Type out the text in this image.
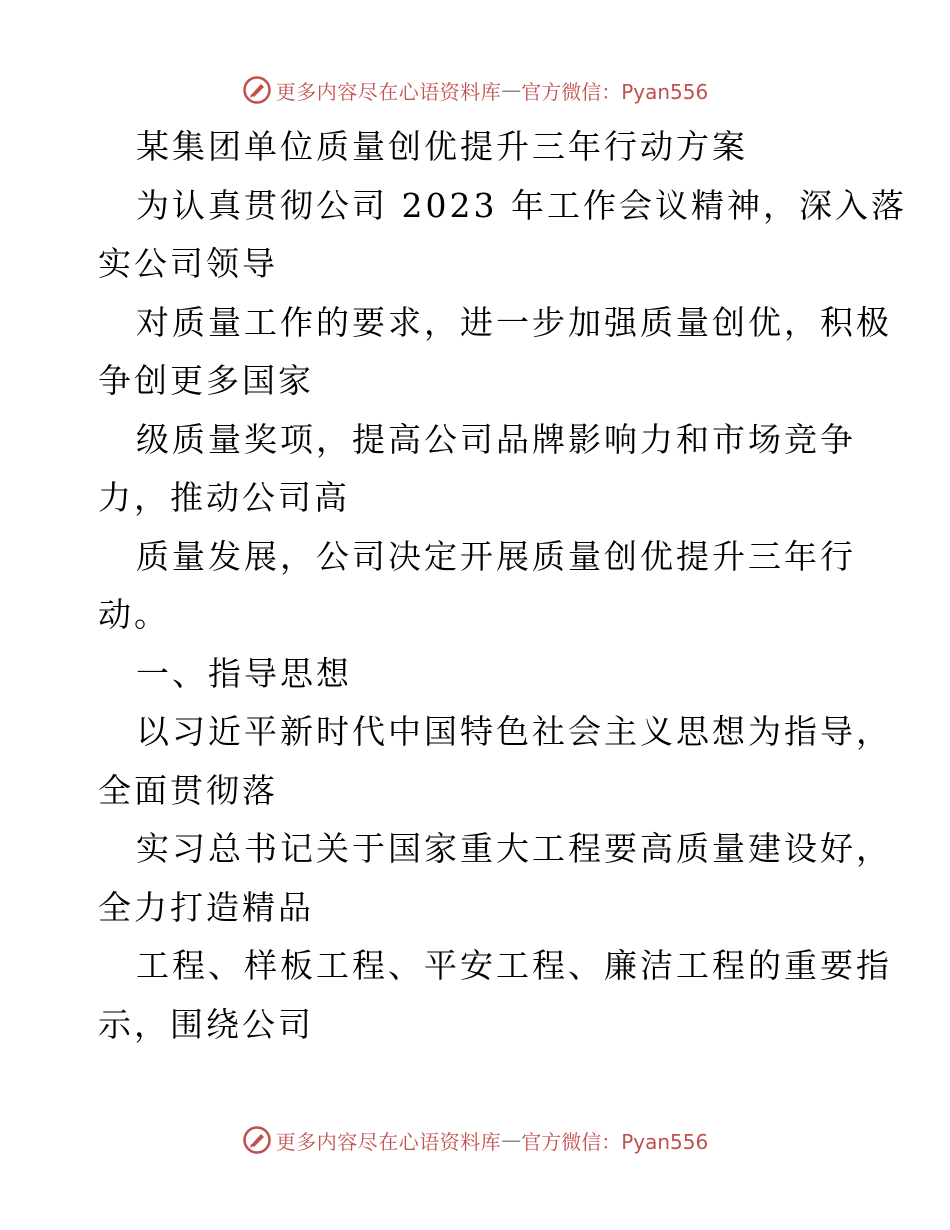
更多内容尽在心语资料库 — 官方微信：Pyan556
某集团单位质量创优提升三年行动方案
为认真贯彻公司 2023 年工作会议精神，深入落
实公司领导
对质量工作的要求，进一步加强质量创优，积极
争创更多国家
级质量奖项，提高公司品牌影响力和市场竞争
力，推动公司高
质量发展，公司决定开展质量创优提升三年行
动。
一、指导思想
以习近平新时代中国特色社会主义思想为指导，
全面贯彻落
实习总书记关于国家重大工程要高质量建设好，
全力打造精品
工程、样板工程、平安工程、廉洁工程的重要指
示，围绕公司
更多内容尽在心语资料库 — 官方微信：Pyan556
